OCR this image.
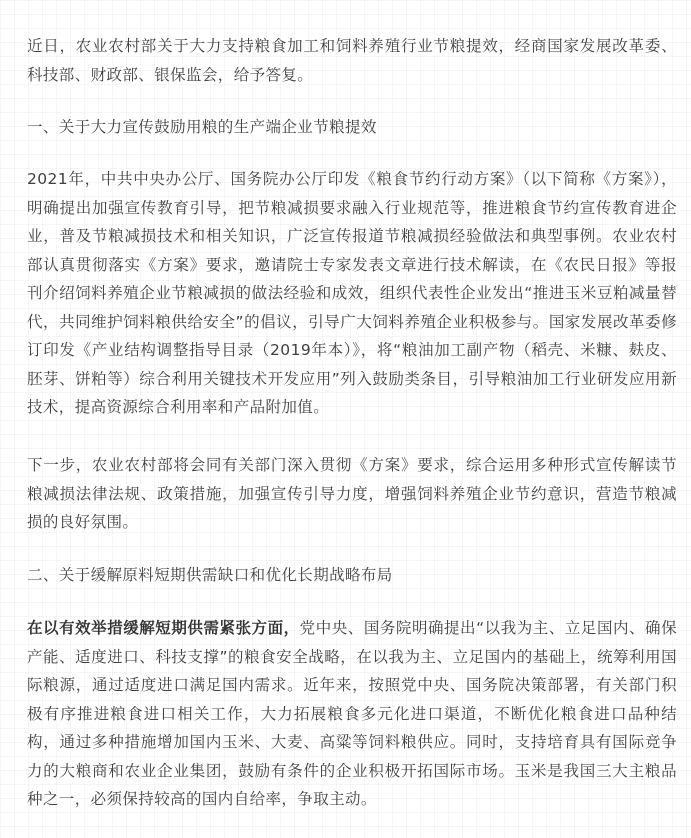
近日，农业农村部关于大力支持粮食加工和饲料养殖行业节粮提效，经商国家发展改革委、科技部、财政部、银保监会，给予答复。

一、关于大力宣传鼓励用粮的生产端企业节粮提效

2021年，中共中央办公厅、国务院办公厅印发《粮食节约行动方案》（以下简称《方案》），明确提出加强宣传教育引导，把节粮减损要求融入行业规范等，推进粮食节约宣传教育进企业，普及节粮减损技术和相关知识，广泛宣传报道节粮减损经验做法和典型事例。农业农村部认真贯彻落实《方案》要求，邀请院士专家发表文章进行技术解读，在《农民日报》等报刊介绍饲料养殖企业节粮减损的做法经验和成效，组织代表性企业发出“推进玉米豆粕减量替代，共同维护饲料粮供给安全”的倡议，引导广大饲料养殖企业积极参与。国家发展改革委修订印发《产业结构调整指导目录（2019年本）》，将“粮油加工副产物（稻壳、米糠、麸皮、胚芽、饼粕等）综合利用关键技术开发应用”列入鼓励类条目，引导粮油加工行业研发应用新技术，提高资源综合利用率和产品附加值。

下一步，农业农村部将会同有关部门深入贯彻《方案》要求，综合运用多种形式宣传解读节粮减损法律法规、政策措施，加强宣传引导力度，增强饲料养殖企业节约意识，营造节粮减损的良好氛围。

二、关于缓解原料短期供需缺口和优化长期战略布局

在以有效举措缓解短期供需紧张方面，党中央、国务院明确提出“以我为主、立足国内、确保产能、适度进口、科技支撑”的粮食安全战略，在以我为主、立足国内的基础上，统筹利用国际粮源，通过适度进口满足国内需求。近年来，按照党中央、国务院决策部署，有关部门积极有序推进粮食进口相关工作，大力拓展粮食多元化进口渠道，不断优化粮食进口品种结构，通过多种措施增加国内玉米、大麦、高粱等饲料粮供应。同时，支持培育具有国际竞争力的大粮商和农业企业集团，鼓励有条件的企业积极开拓国际市场。玉米是我国三大主粮品种之一，必须保持较高的国内自给率，争取主动。
